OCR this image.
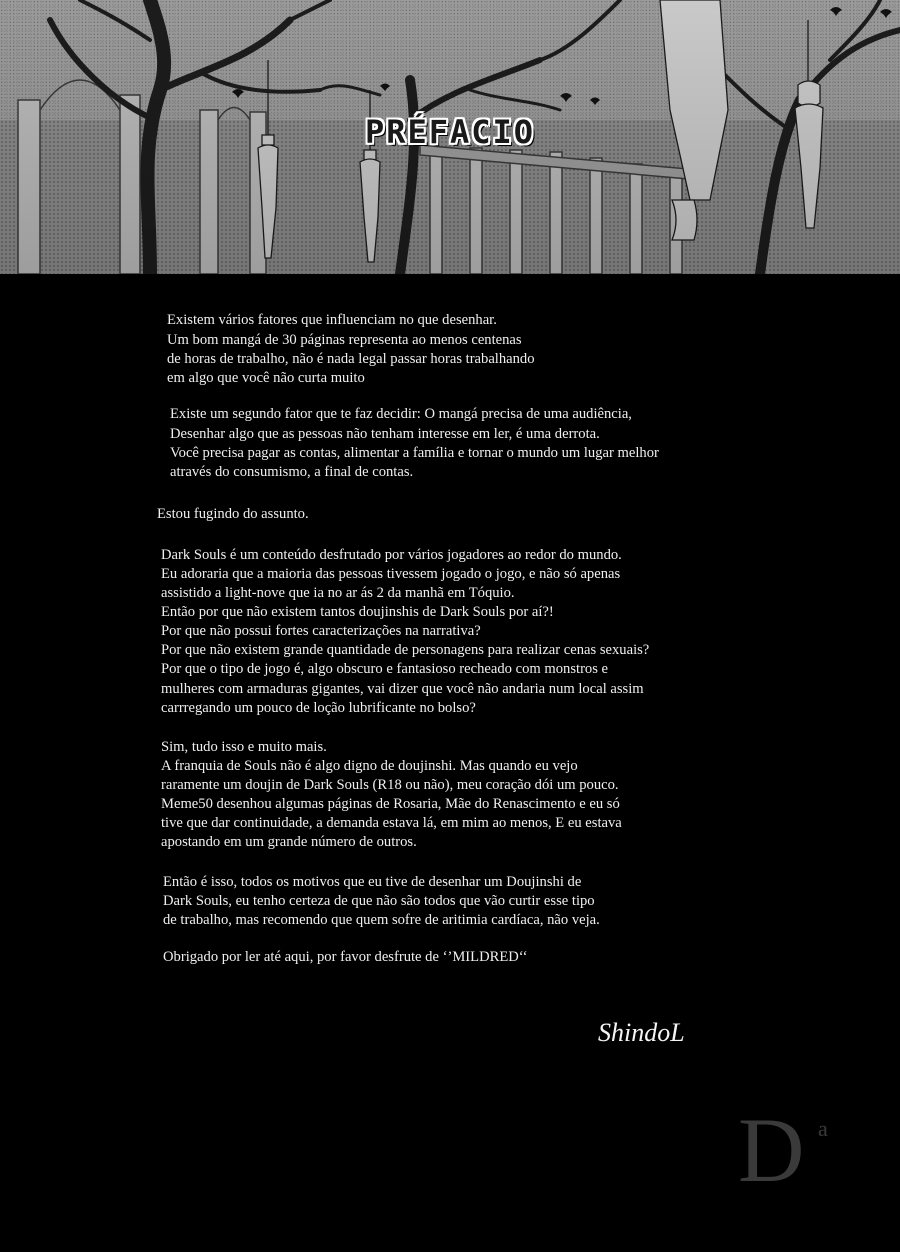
PRÉFACIO
Existem vários fatores que influenciam no que desenhar.
Um bom mangá de 30 páginas representa ao menos centenas
de horas de trabalho, não é nada legal passar horas trabalhando
em algo que você não curta muito
Existe um segundo fator que te faz decidir: O mangá precisa de uma audiência,
Desenhar algo que as pessoas não tenham interesse em ler, é uma derrota.
Você precisa pagar as contas, alimentar a família e tornar o mundo um lugar melhor
através do consumismo, a final de contas.
Estou fugindo do assunto.
Dark Souls é um conteúdo desfrutado por vários jogadores ao redor do mundo.
Eu adoraria que a maioria das pessoas tivessem jogado o jogo, e não só apenas
assistido a light-nove que ia no ar ás 2 da manhã em Tóquio.
Então por que não existem tantos doujinshis de Dark Souls por aí?!
Por que não possui fortes caracterizações na narrativa?
Por que não existem grande quantidade de personagens para realizar cenas sexuais?
Por que o tipo de jogo é, algo obscuro e fantasioso recheado com monstros e
mulheres com armaduras gigantes, vai dizer que você não andaria num local assim
carrregando um pouco de loção lubrificante no bolso?
Sim, tudo isso e muito mais.
A franquia de Souls não é algo digno de doujinshi. Mas quando eu vejo
raramente um doujin de Dark Souls (R18 ou não), meu coração dói um pouco.
Meme50 desenhou algumas páginas de Rosaria, Mãe do Renascimento e eu só
tive que dar continuidade, a demanda estava lá, em mim ao menos, E eu estava
apostando em um grande número de outros.
Então é isso, todos os motivos que eu tive de desenhar um Doujinshi de
Dark Souls, eu tenho certeza de que não são todos que vão curtir esse tipo
de trabalho, mas recomendo que quem sofre de aritimia cardíaca, não veja.
Obrigado por ler até aqui, por favor desfrute de ‘’MILDRED‘‘
ShindoL
D a
